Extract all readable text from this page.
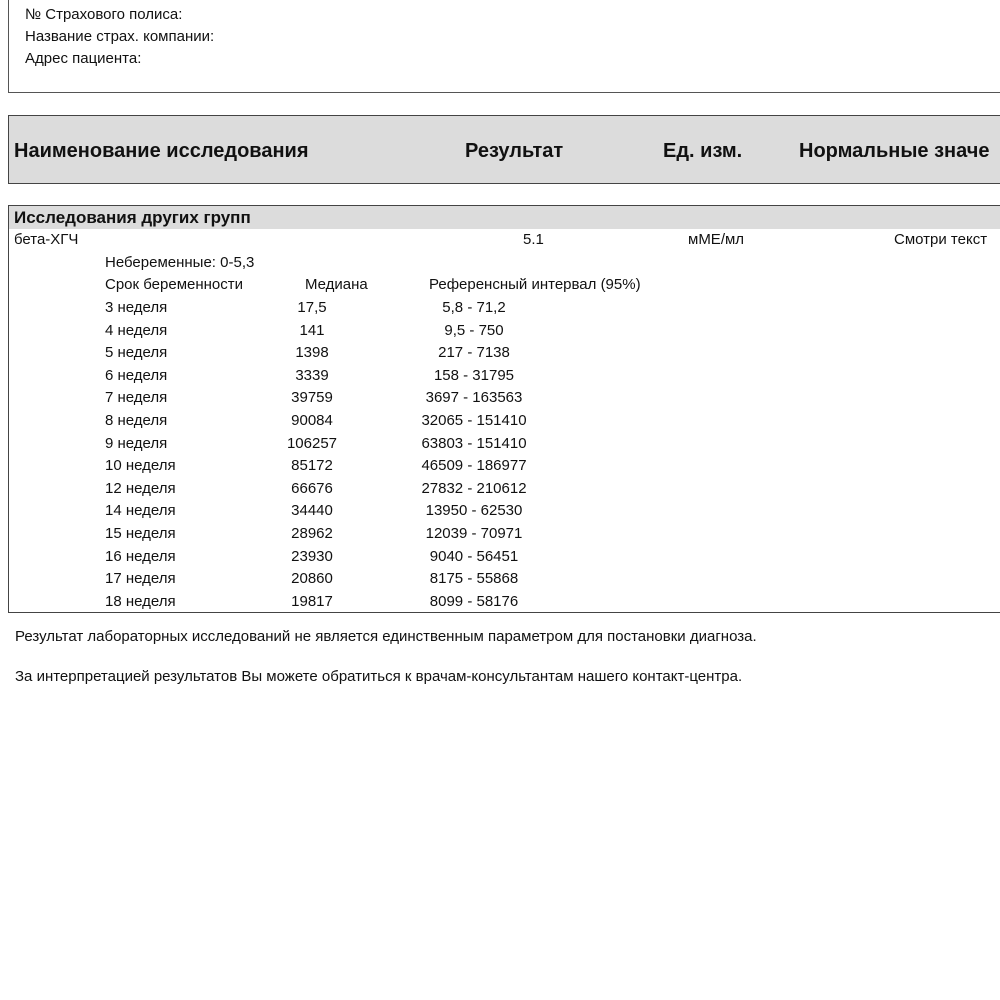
№ Страхового полиса:
Название страх. компании:
Адрес пациента:
Наименование исследования	Результат	Ед. изм.	Нормальные значе
Исследования других групп
бета-ХГЧ	5.1	мМЕ/мл	Смотри текст
Небеременные: 0-5,3
Срок беременности	Медиана	Референсный интервал (95%)
3 неделя	17,5	5,8 - 71,2
4 неделя	141	9,5 - 750
5 неделя	1398	217 - 7138
6 неделя	3339	158 - 31795
7 неделя	39759	3697 - 163563
8 неделя	90084	32065 - 151410
9 неделя	106257	63803 - 151410
10 неделя	85172	46509 - 186977
12 неделя	66676	27832 - 210612
14 неделя	34440	13950 - 62530
15 неделя	28962	12039 - 70971
16 неделя	23930	9040 - 56451
17 неделя	20860	8175 - 55868
18 неделя	19817	8099 - 58176
Результат лабораторных исследований не является единственным параметром для постановки диагноза.
За интерпретацией результатов Вы можете обратиться к врачам-консультантам нашего контакт-центра.
